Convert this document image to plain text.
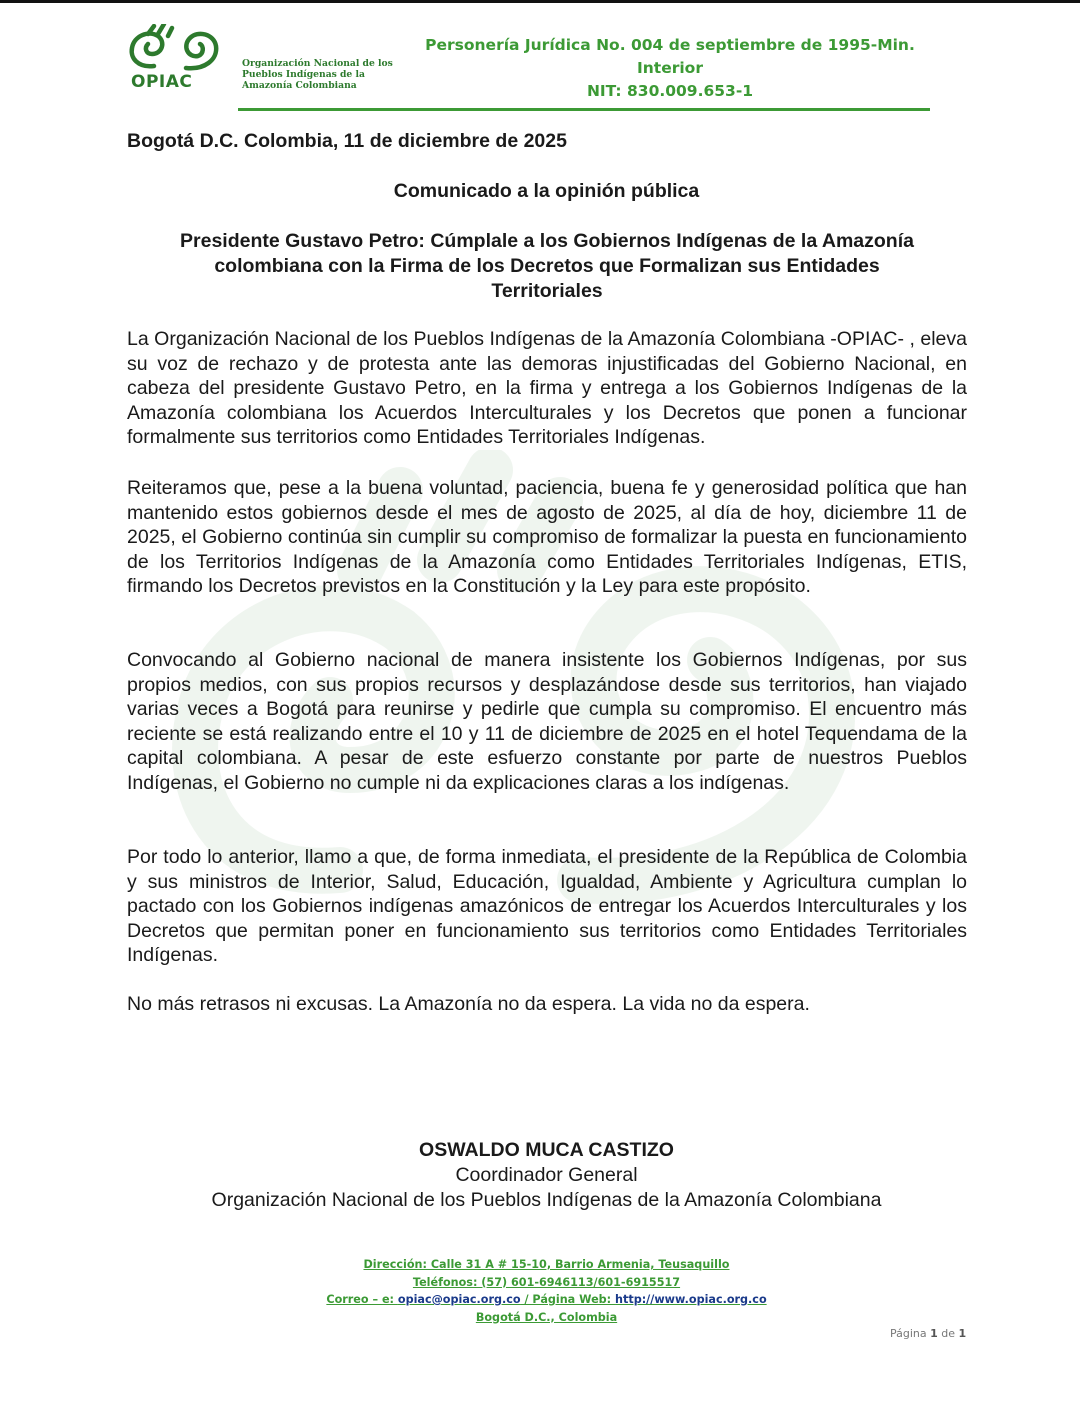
OPIAC
Organización Nacional de los
Pueblos Indígenas de la
Amazonía Colombiana
Personería Jurídica No. 004 de septiembre de 1995-Min. Interior
NIT: 830.009.653-1
Bogotá D.C. Colombia, 11 de diciembre de 2025
Comunicado a la opinión pública
Presidente Gustavo Petro: Cúmplale a los Gobiernos Indígenas de la Amazonía
colombiana con la Firma de los Decretos que Formalizan sus Entidades
Territoriales

La Organización Nacional de los Pueblos Indígenas de la Amazonía Colombiana -OPIAC- , eleva su voz de rechazo y de protesta ante las demoras injustificadas del Gobierno Nacional, en cabeza del presidente Gustavo Petro, en la firma y entrega a los Gobiernos Indígenas de la Amazonía colombiana los Acuerdos Interculturales y los Decretos que ponen a funcionar formalmente sus territorios como Entidades Territoriales Indígenas.

Reiteramos que, pese a la buena voluntad, paciencia, buena fe y generosidad política que han mantenido estos gobiernos desde el mes de agosto de 2025, al día de hoy, diciembre 11 de 2025, el Gobierno continúa sin cumplir su compromiso de formalizar la puesta en funcionamiento de los Territorios Indígenas de la Amazonía como Entidades Territoriales Indígenas, ETIS, firmando los Decretos previstos en la Constitución y la Ley para este propósito.

Convocando al Gobierno nacional de manera insistente los Gobiernos Indígenas, por sus propios medios, con sus propios recursos y desplazándose desde sus territorios, han viajado varias veces a Bogotá para reunirse y pedirle que cumpla su compromiso. El encuentro más reciente se está realizando entre el 10 y 11 de diciembre de 2025 en el hotel Tequendama de la capital colombiana. A pesar de este esfuerzo constante por parte de nuestros Pueblos Indígenas, el Gobierno no cumple ni da explicaciones claras a los indígenas.

Por todo lo anterior, llamo a que, de forma inmediata, el presidente de la República de Colombia y sus ministros de Interior, Salud, Educación, Igualdad, Ambiente y Agricultura cumplan lo pactado con los Gobiernos indígenas amazónicos de entregar los Acuerdos Interculturales y los Decretos que permitan poner en funcionamiento sus territorios como Entidades Territoriales Indígenas.

No más retrasos ni excusas. La Amazonía no da espera. La vida no da espera.

OSWALDO MUCA CASTIZO
Coordinador General
Organización Nacional de los Pueblos Indígenas de la Amazonía Colombiana
Dirección: Calle 31 A # 15-10, Barrio Armenia, Teusaquillo
Teléfonos: (57) 601-6946113/601-6915517
Correo – e: opiac@opiac.org.co / Página Web: http://www.opiac.org.co
Bogotá D.C., Colombia
Página 1 de 1
